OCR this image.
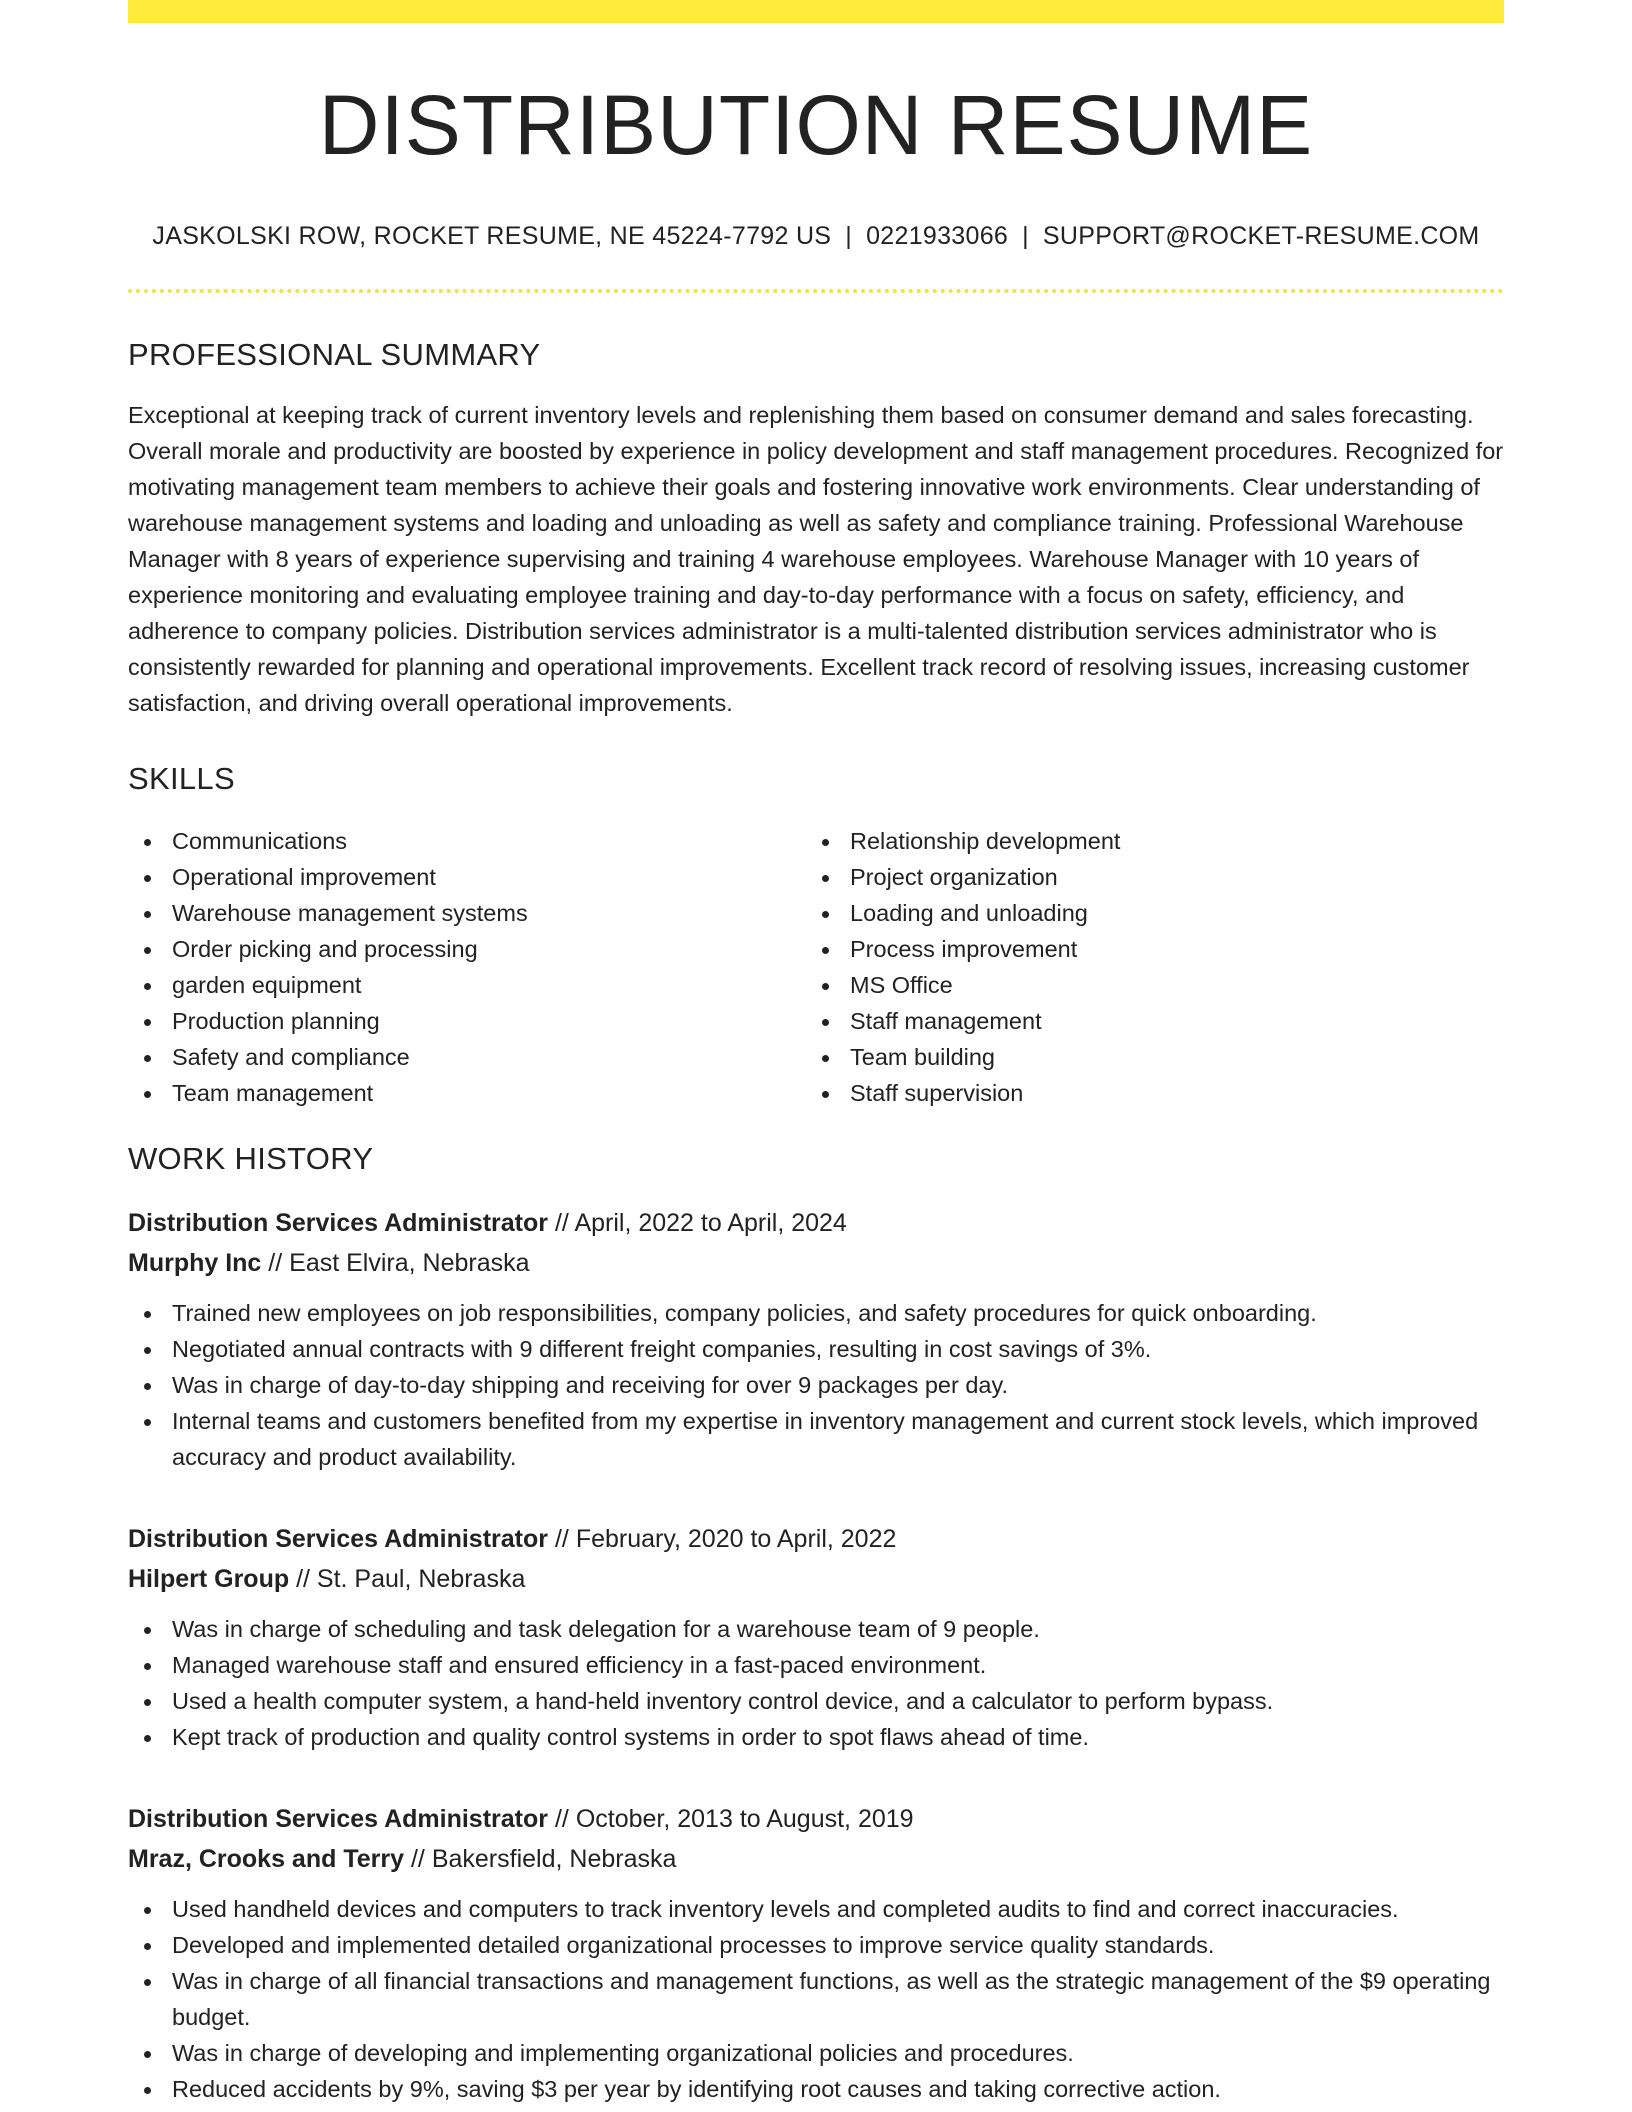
DISTRIBUTION RESUME
JASKOLSKI ROW, ROCKET RESUME, NE 45224-7792 US | 0221933066 | SUPPORT@ROCKET-RESUME.COM
PROFESSIONAL SUMMARY

Exceptional at keeping track of current inventory levels and replenishing them based on consumer demand and sales forecasting. Overall morale and productivity are boosted by experience in policy development and staff management procedures. Recognized for motivating management team members to achieve their goals and fostering innovative work environments. Clear understanding of warehouse management systems and loading and unloading as well as safety and compliance training. Professional Warehouse Manager with 8 years of experience supervising and training 4 warehouse employees. Warehouse Manager with 10 years of experience monitoring and evaluating employee training and day-to-day performance with a focus on safety, efficiency, and adherence to company policies. Distribution services administrator is a multi-talented distribution services administrator who is consistently rewarded for planning and operational improvements. Excellent track record of resolving issues, increasing customer satisfaction, and driving overall operational improvements.

SKILLS
Communications
Operational improvement
Warehouse management systems
Order picking and processing
garden equipment
Production planning
Safety and compliance
Team management
Relationship development
Project organization
Loading and unloading
Process improvement
MS Office
Staff management
Team building
Staff supervision
WORK HISTORY
Distribution Services Administrator // April, 2022 to April, 2024
Murphy Inc // East Elvira, Nebraska
Trained new employees on job responsibilities, company policies, and safety procedures for quick onboarding.
Negotiated annual contracts with 9 different freight companies, resulting in cost savings of 3%.
Was in charge of day-to-day shipping and receiving for over 9 packages per day.
Internal teams and customers benefited from my expertise in inventory management and current stock levels, which improved accuracy and product availability.
Distribution Services Administrator // February, 2020 to April, 2022
Hilpert Group // St. Paul, Nebraska
Was in charge of scheduling and task delegation for a warehouse team of 9 people.
Managed warehouse staff and ensured efficiency in a fast-paced environment.
Used a health computer system, a hand-held inventory control device, and a calculator to perform bypass.
Kept track of production and quality control systems in order to spot flaws ahead of time.
Distribution Services Administrator // October, 2013 to August, 2019
Mraz, Crooks and Terry // Bakersfield, Nebraska
Used handheld devices and computers to track inventory levels and completed audits to find and correct inaccuracies.
Developed and implemented detailed organizational processes to improve service quality standards.
Was in charge of all financial transactions and management functions, as well as the strategic management of the $9 operating budget.
Was in charge of developing and implementing organizational policies and procedures.
Reduced accidents by 9%, saving $3 per year by identifying root causes and taking corrective action.
